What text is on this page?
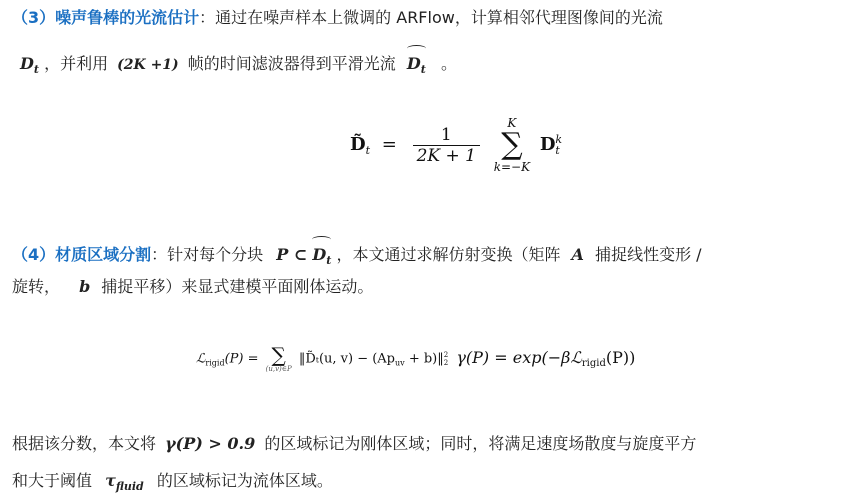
（3）噪声鲁棒的光流估计：通过在噪声样本上微调的 ARFlow，计算相邻代理图像间的光流
$D_t$ ，并利用 (2K +1) 帧的时间滤波器得到平滑光流 $D_t$ 。
$D̃_t = \frac{1}{2K + 1}$

K
∑
k=−K
D k
t
（4）材质区域分割：针对每个分块 P ⊂ $D_t$ ，本文通过求解仿射变换（矩阵 A 捕捉线性变形 /
旋转， b 捕捉平移）来显式建模平面刚体运动。
ℒ$_{rigid}$(P) = ∑
(u,v)∈P
‖D̃ₜ(u, $v) - (Ap_{uv}$ + b)‖ 2
2 γ(P) = exp(−βℒrigid(P))
根据该分数，本文将 γ(P) > 0.9 的区域标记为刚体区域；同时，将满足速度场散度与旋度平方
和大于阈值 $\tau_{fluid}$ 的区域标记为流体区域。
